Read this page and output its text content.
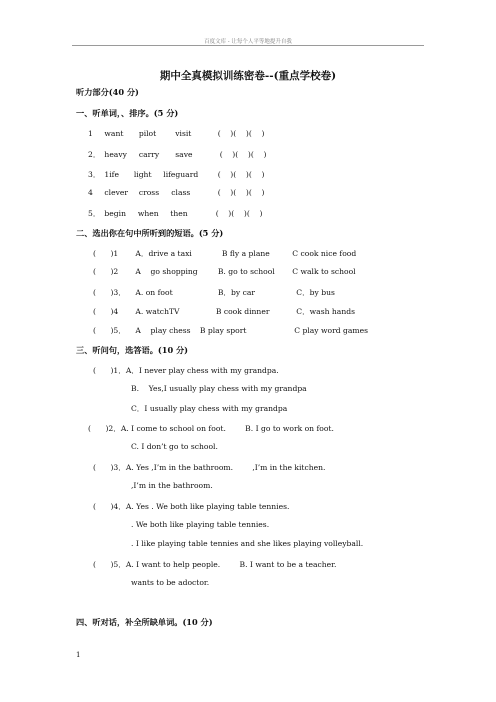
百度文库 - 让每个人平等地提升自我
期中全真模拟训练密卷--(重点学校卷)
听力部分(40 分)
一、听单词，、排序。(5 分)
1 want pilot	visit	(    )(    )(    )
2． heavy carry save	(    )(    )(    )
3． 1ife light lifeguard	(    )(    )(    )
4 clever cross class	(    )(    )(    )
5． begin when then	(    )(    )(    )
二、选出你在句中所听到的短语。(5 分)
(      )1 A．drive a taxi	B fly a plane	C cook nice food
(      )2 A    go shopping	B. go to school C walk to school
(      )3． A. on foot	B．by car	C．by bus
(      )4 A. watchTV	B cook dinner	C．wash hands
(      )5． A    play chess B play sport	C play word games
三、听问句，选答语。(10 分)
(      )1．A．I never play chess with my grandpa.
B.    Yes,I usually play chess with my grandpa
C．I usually play chess with my grandpa
(      )2．A. I come to school on foot.        B. I go to work on foot.
C. I don’t go to school.
(      )3．A. Yes ,I’m in the bathroom.        ,I’m in the kitchen.
,I’m in the bathroom.
(      )4．A. Yes . We both like playing table tennies.
. We both like playing table tennies.
. I like playing table tennies and she likes playing volleyball.
(      )5．A. I want to help people.        B. I want to be a teacher.
wants to be adoctor.
四、听对话，补全所缺单词。(10 分)
1
